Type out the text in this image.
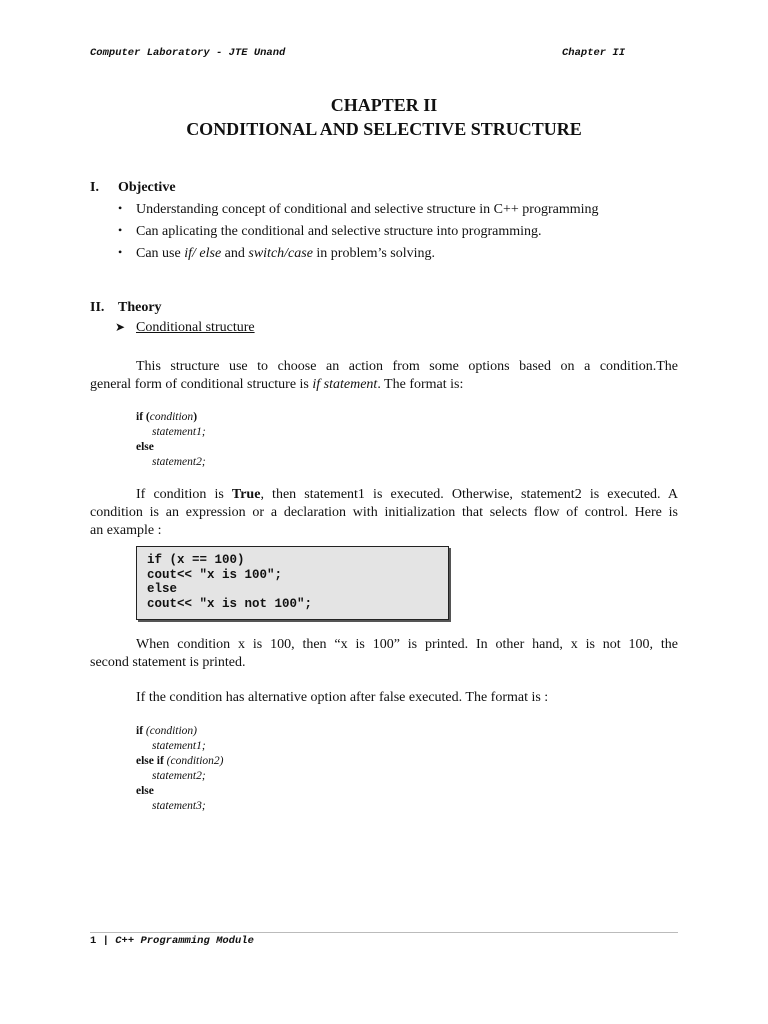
Computer Laboratory - JTE Unand	Chapter II
CHAPTER II
CONDITIONAL AND SELECTIVE STRUCTURE
I. Objective
• Understanding concept of conditional and selective structure in C++ programming
• Can aplicating the conditional and selective structure into programming.
• Can use if/ else and switch/case in problem’s solving.
II. Theory
➤ Conditional structure
This structure use to choose an action from some options based on a condition.The
general form of conditional structure is if statement. The format is:
if (condition)
statement1;
else
statement2;
If condition is True, then statement1 is executed. Otherwise, statement2 is executed. A
condition is an expression or a declaration with initialization that selects flow of control. Here is
an example :
if (x == 100)
cout<< "x is 100";
else
cout<< "x is not 100";
When condition x is 100, then “x is 100” is printed. In other hand, x is not 100, the
second statement is printed.
If the condition has alternative option after false executed. The format is :
if (condition)
statement1;
else if (condition2)
statement2;
else
statement3;
1 | C++ Programming Module
